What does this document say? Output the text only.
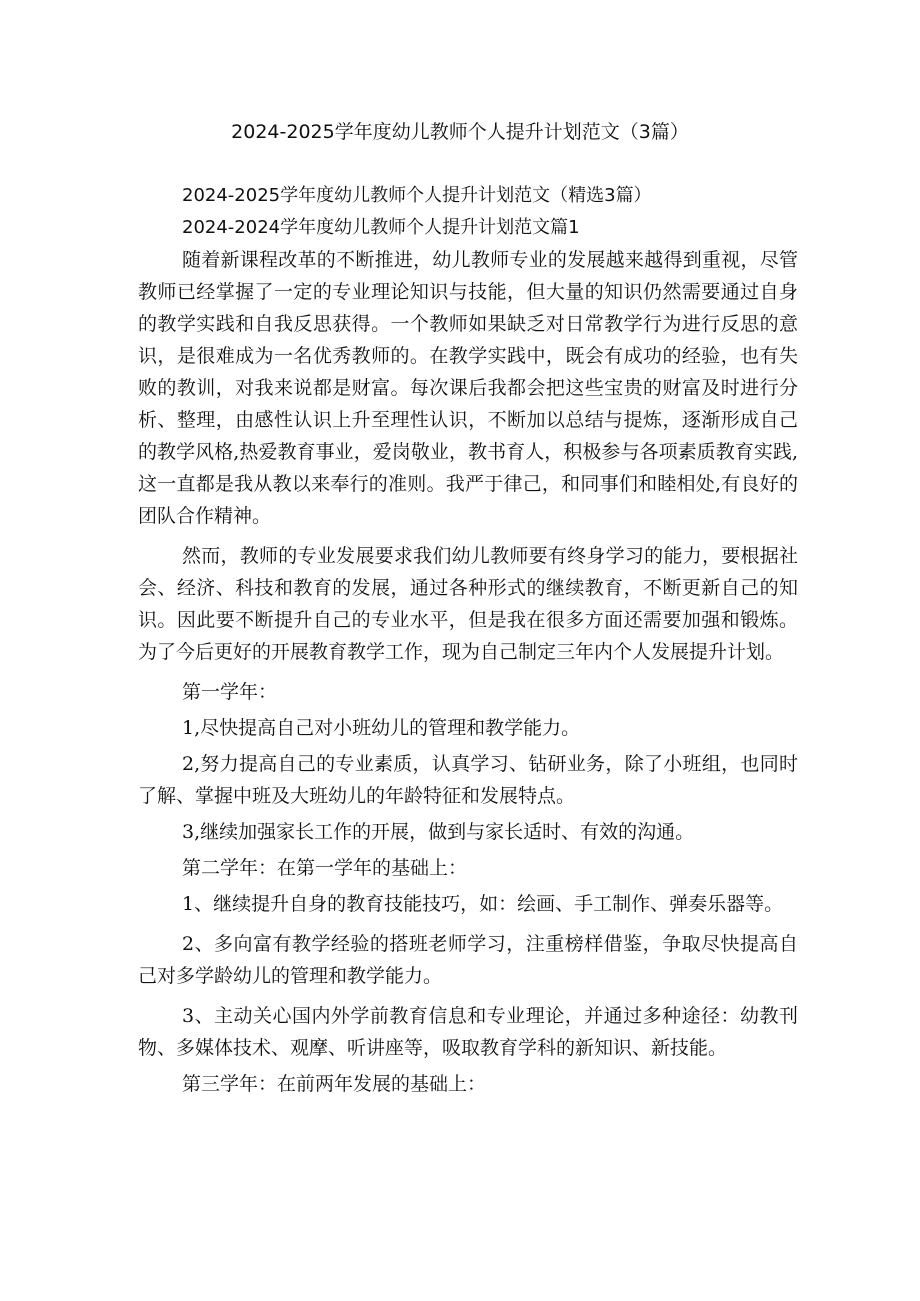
2024-2025学年度幼儿教师个人提升计划范文（3篇）

2024-2025学年度幼儿教师个人提升计划范文（精选3篇）

2024-2024学年度幼儿教师个人提升计划范文篇1

随着新课程改革的不断推进，幼儿教师专业的发展越来越得到重视，尽管教师已经掌握了一定的专业理论知识与技能，但大量的知识仍然需要通过自身的教学实践和自我反思获得。一个教师如果缺乏对日常教学行为进行反思的意识，是很难成为一名优秀教师的。在教学实践中，既会有成功的经验，也有失败的教训，对我来说都是财富。每次课后我都会把这些宝贵的财富及时进行分析、整理，由感性认识上升至理性认识，不断加以总结与提炼，逐渐形成自己的教学风格,热爱教育事业，爱岗敬业，教书育人，积极参与各项素质教育实践,这一直都是我从教以来奉行的准则。我严于律己，和同事们和睦相处,有良好的团队合作精神。

然而，教师的专业发展要求我们幼儿教师要有终身学习的能力，要根据社会、经济、科技和教育的发展，通过各种形式的继续教育，不断更新自己的知识。因此要不断提升自己的专业水平，但是我在很多方面还需要加强和锻炼。为了今后更好的开展教育教学工作，现为自己制定三年内个人发展提升计划。

第一学年：

1,尽快提高自己对小班幼儿的管理和教学能力。

2,努力提高自己的专业素质，认真学习、钻研业务，除了小班组，也同时了解、掌握中班及大班幼儿的年龄特征和发展特点。

3,继续加强家长工作的开展，做到与家长适时、有效的沟通。

第二学年：在第一学年的基础上：

1、继续提升自身的教育技能技巧，如：绘画、手工制作、弹奏乐器等。

2、多向富有教学经验的搭班老师学习，注重榜样借鉴，争取尽快提高自己对多学龄幼儿的管理和教学能力。

3、主动关心国内外学前教育信息和专业理论，并通过多种途径：幼教刊物、多媒体技术、观摩、听讲座等，吸取教育学科的新知识、新技能。

第三学年：在前两年发展的基础上：
